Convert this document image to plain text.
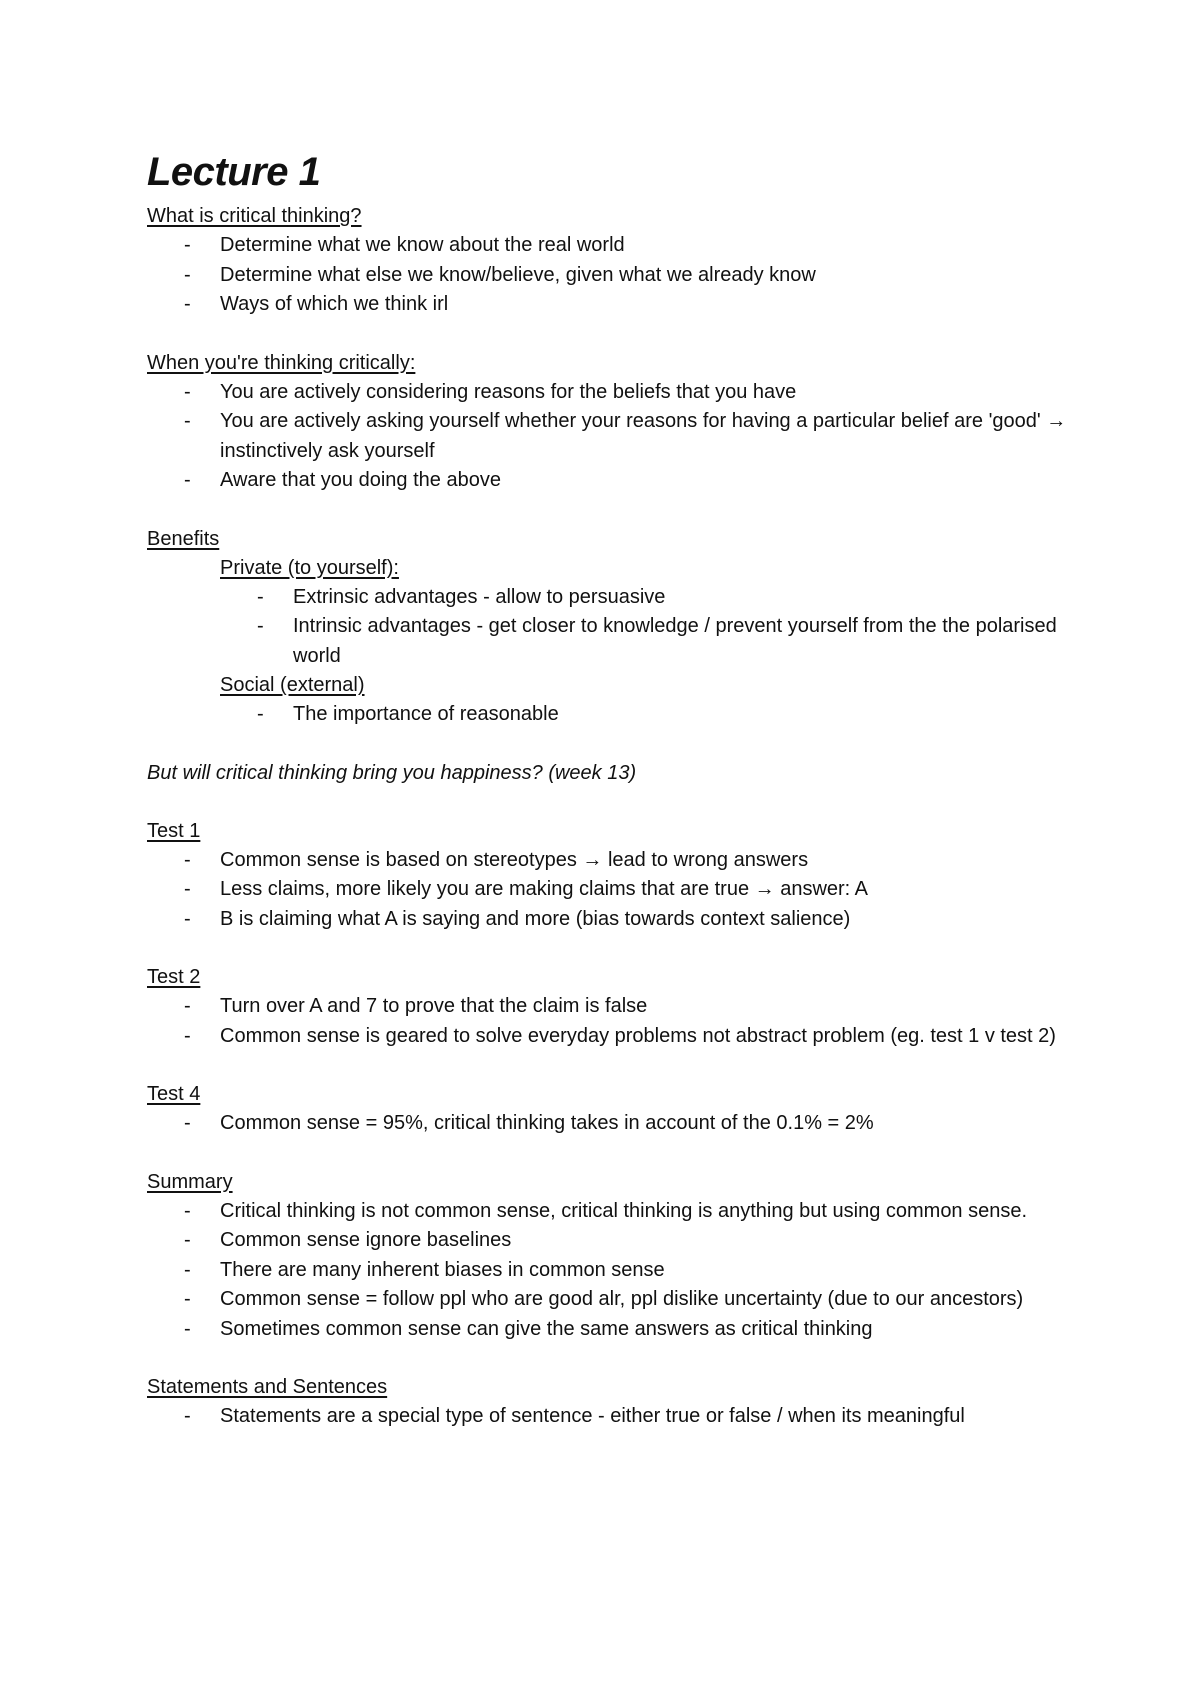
Lecture 1
What is critical thinking?
- Determine what we know about the real world
- Determine what else we know/believe, given what we already know
- Ways of which we think irl
When you're thinking critically:
- You are actively considering reasons for the beliefs that you have
- You are actively asking yourself whether your reasons for having a particular belief are 'good' → instinctively ask yourself
- Aware that you doing the above
Benefits
Private (to yourself):
- Extrinsic advantages - allow to persuasive
- Intrinsic advantages - get closer to knowledge / prevent yourself from the the polarised world
Social (external)
- The importance of reasonable
But will critical thinking bring you happiness? (week 13)
Test 1
- Common sense is based on stereotypes → lead to wrong answers
- Less claims, more likely you are making claims that are true → answer: A
- B is claiming what A is saying and more (bias towards context salience)
Test 2
- Turn over A and 7 to prove that the claim is false
- Common sense is geared to solve everyday problems not abstract problem (eg. test 1 v test 2)
Test 4
- Common sense = 95%, critical thinking takes in account of the 0.1% = 2%
Summary
- Critical thinking is not common sense, critical thinking is anything but using common sense.
- Common sense ignore baselines
- There are many inherent biases in common sense
- Common sense = follow ppl who are good alr, ppl dislike uncertainty (due to our ancestors)
- Sometimes common sense can give the same answers as critical thinking
Statements and Sentences
- Statements are a special type of sentence - either true or false / when its meaningful
